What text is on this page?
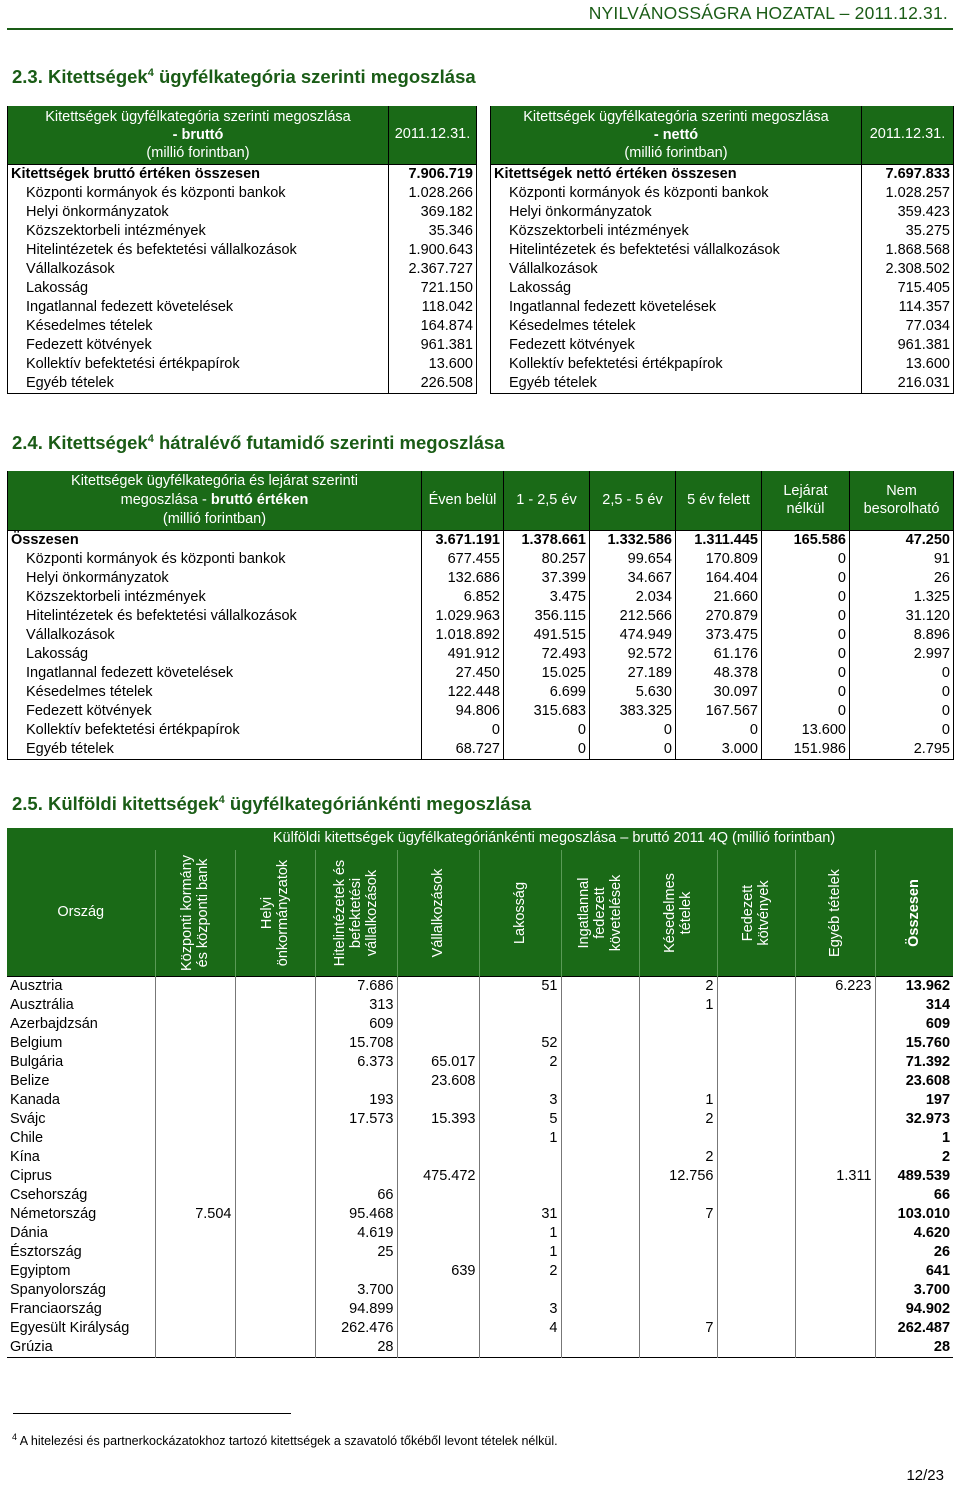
NYILVÁNOSSÁGRA HOZATAL – 2011.12.31.
2.3. Kitettségek$^4$ ügyfélkategória szerinti megoszlása
Kitettségek ügyfélkategória szerinti megoszlása
- bruttó
(millió forintban)	2011.12.31.
Kitettségek bruttó értéken összesen	7.906.719
Központi kormányok és központi bankok	1.028.266
Helyi önkormányzatok	369.182
Közszektorbeli intézmények	35.346
Hitelintézetek és befektetési vállalkozások	1.900.643
Vállalkozások	2.367.727
Lakosság	721.150
Ingatlannal fedezett követelések	118.042
Késedelmes tételek	164.874
Fedezett kötvények	961.381
Kollektív befektetési értékpapírok	13.600
Egyéb tételek	226.508
Kitettségek ügyfélkategória szerinti megoszlása
- nettó
(millió forintban)	2011.12.31.
Kitettségek nettó értéken összesen	7.697.833
Központi kormányok és központi bankok	1.028.257
Helyi önkormányzatok	359.423
Közszektorbeli intézmények	35.275
Hitelintézetek és befektetési vállalkozások	1.868.568
Vállalkozások	2.308.502
Lakosság	715.405
Ingatlannal fedezett követelések	114.357
Késedelmes tételek	77.034
Fedezett kötvények	961.381
Kollektív befektetési értékpapírok	13.600
Egyéb tételek	216.031
2.4. Kitettségek$^4$ hátralévő futamidő szerinti megoszlása
Kitettségek ügyfélkategória és lejárat szerinti
megoszlása - bruttó értéken
(millió forintban)	Éven belül	1 - 2,5 év	2,5 - 5 év	5 év felett	Lejárat nélkül	Nem besorolható
Összesen	3.671.191	1.378.661	1.332.586	1.311.445	165.586	47.250
Központi kormányok és központi bankok	677.455	80.257	99.654	170.809	0	91
Helyi önkormányzatok	132.686	37.399	34.667	164.404	0	26
Közszektorbeli intézmények	6.852	3.475	2.034	21.660	0	1.325
Hitelintézetek és befektetési vállalkozások	1.029.963	356.115	212.566	270.879	0	31.120
Vállalkozások	1.018.892	491.515	474.949	373.475	0	8.896
Lakosság	491.912	72.493	92.572	61.176	0	2.997
Ingatlannal fedezett követelések	27.450	15.025	27.189	48.378	0	0
Késedelmes tételek	122.448	6.699	5.630	30.097	0	0
Fedezett kötvények	94.806	315.683	383.325	167.567	0	0
Kollektív befektetési értékpapírok	0	0	0	0	13.600	0
Egyéb tételek	68.727	0	0	3.000	151.986	2.795
2.5. Külföldi kitettségek$^4$ ügyfélkategóriánkénti megoszlása
	Külföldi kitettségek ügyfélkategóriánkénti megoszlása – bruttó 2011 4Q (millió forintban)									
Ország	Központi kormány és központi bank	Helyi önkormányzatok	Hitelintézetek és befektetési vállalkozások	Vállalkozások	Lakosság	Ingatlannal fedezett követelések	Késedelmes tételek	Fedezett kötvények	Egyéb tételek	Összesen

Ausztria			7.686		51		2		6.223	13.962
Ausztrália			313				1			314
Azerbajdzsán			609							609
Belgium			15.708		52					15.760
Bulgária			6.373	65.017	2					71.392
Belize				23.608						23.608
Kanada			193		3		1			197
Svájc			17.573	15.393	5		2			32.973
Chile					1					1
Kína							2			2
Ciprus				475.472			12.756		1.311	489.539
Csehország			66							66
Németország	7.504		95.468		31		7			103.010
Dánia			4.619		1					4.620
Észtország			25		1					26
Egyiptom				639	2					641
Spanyolország			3.700							3.700
Franciaország			94.899		3					94.902
Egyesült Királyság			262.476		4		7			262.487
Grúzia			28							28
$^4$ A hitelezési és partnerkockázatokhoz tartozó kitettségek a szavatoló tőkéből levont tételek nélkül.
12/23
